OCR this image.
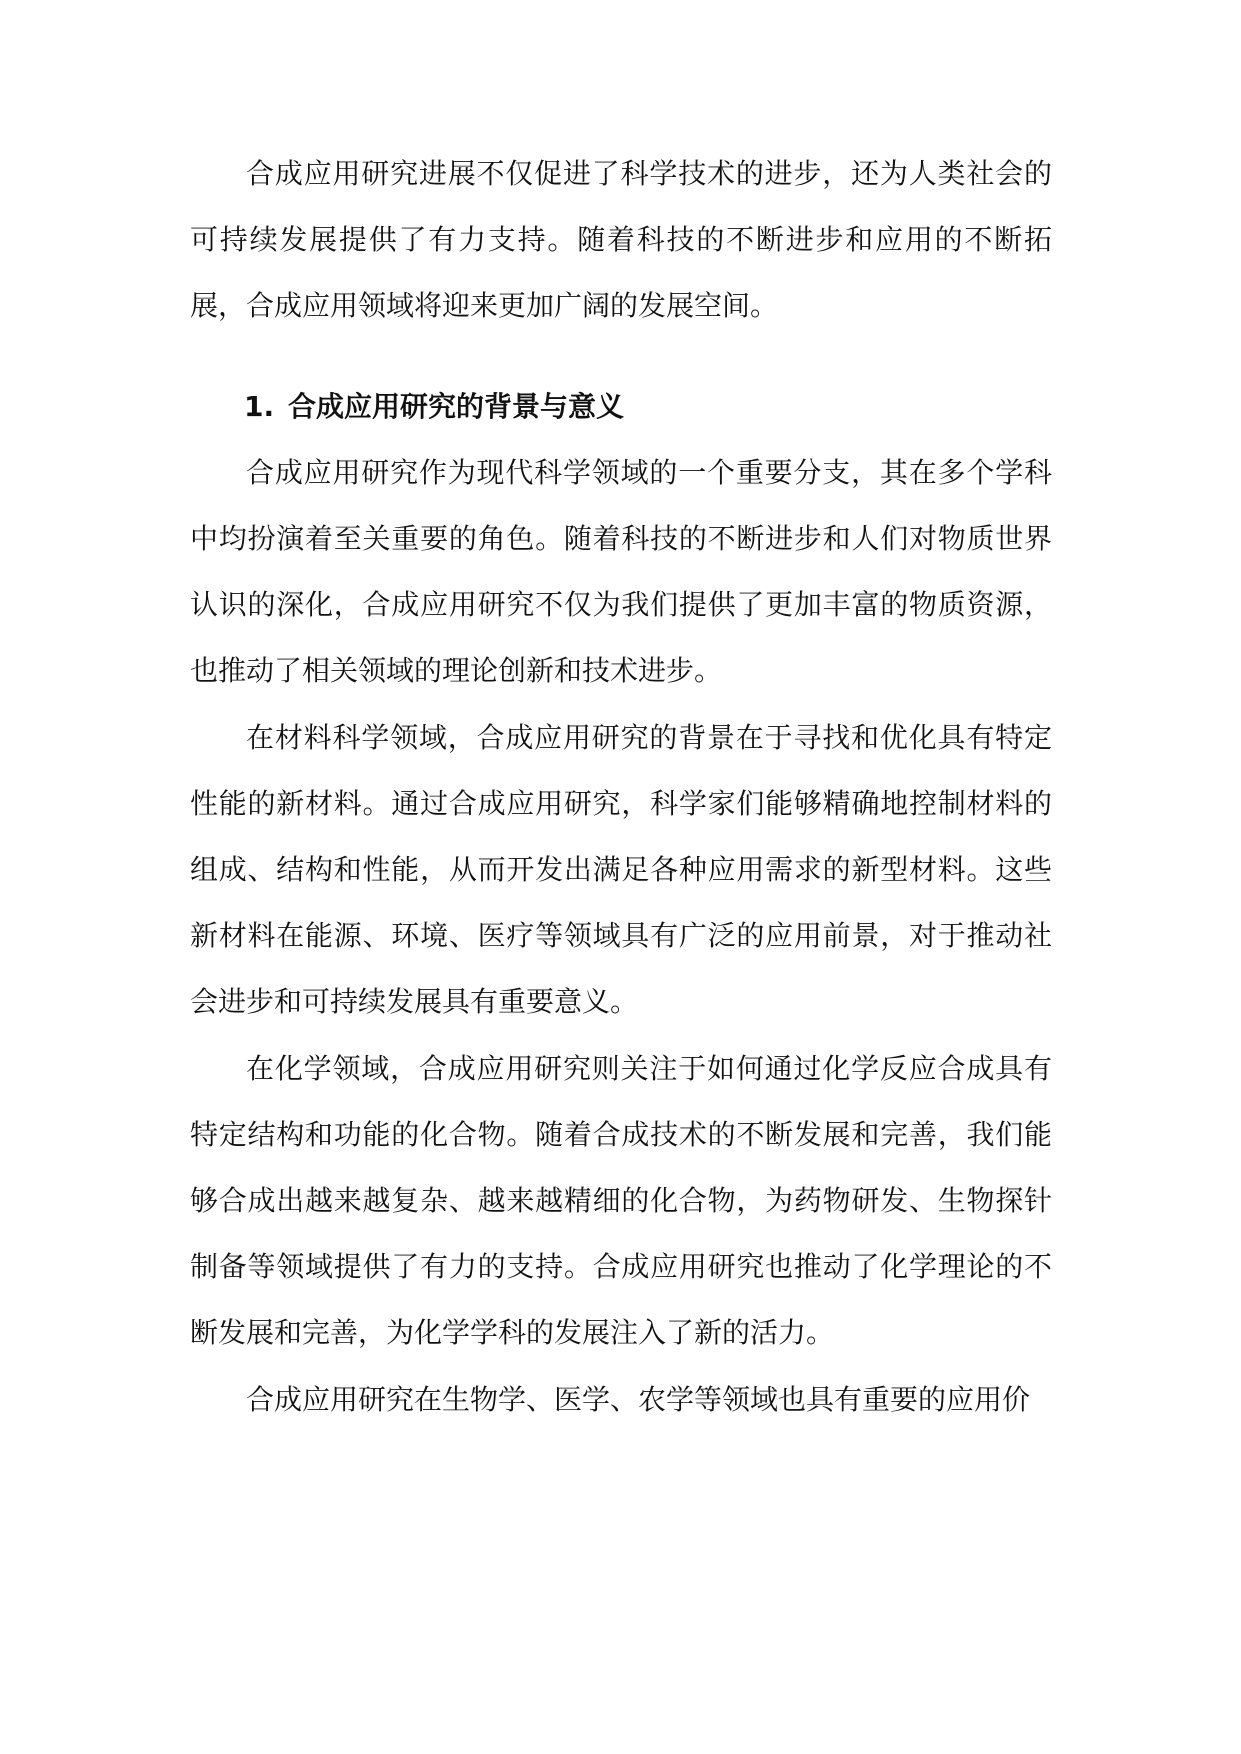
合成应用研究进展不仅促进了科学技术的进步，还为人类社会的可持续发展提供了有力支持。随着科技的不断进步和应用的不断拓展，合成应用领域将迎来更加广阔的发展空间。

1. 合成应用研究的背景与意义

合成应用研究作为现代科学领域的一个重要分支，其在多个学科中均扮演着至关重要的角色。随着科技的不断进步和人们对物质世界认识的深化，合成应用研究不仅为我们提供了更加丰富的物质资源，也推动了相关领域的理论创新和技术进步。

在材料科学领域，合成应用研究的背景在于寻找和优化具有特定性能的新材料。通过合成应用研究，科学家们能够精确地控制材料的组成、结构和性能，从而开发出满足各种应用需求的新型材料。这些新材料在能源、环境、医疗等领域具有广泛的应用前景，对于推动社会进步和可持续发展具有重要意义。

在化学领域，合成应用研究则关注于如何通过化学反应合成具有特定结构和功能的化合物。随着合成技术的不断发展和完善，我们能够合成出越来越复杂、越来越精细的化合物，为药物研发、生物探针制备等领域提供了有力的支持。合成应用研究也推动了化学理论的不断发展和完善，为化学学科的发展注入了新的活力。

合成应用研究在生物学、医学、农学等领域也具有重要的应用价
